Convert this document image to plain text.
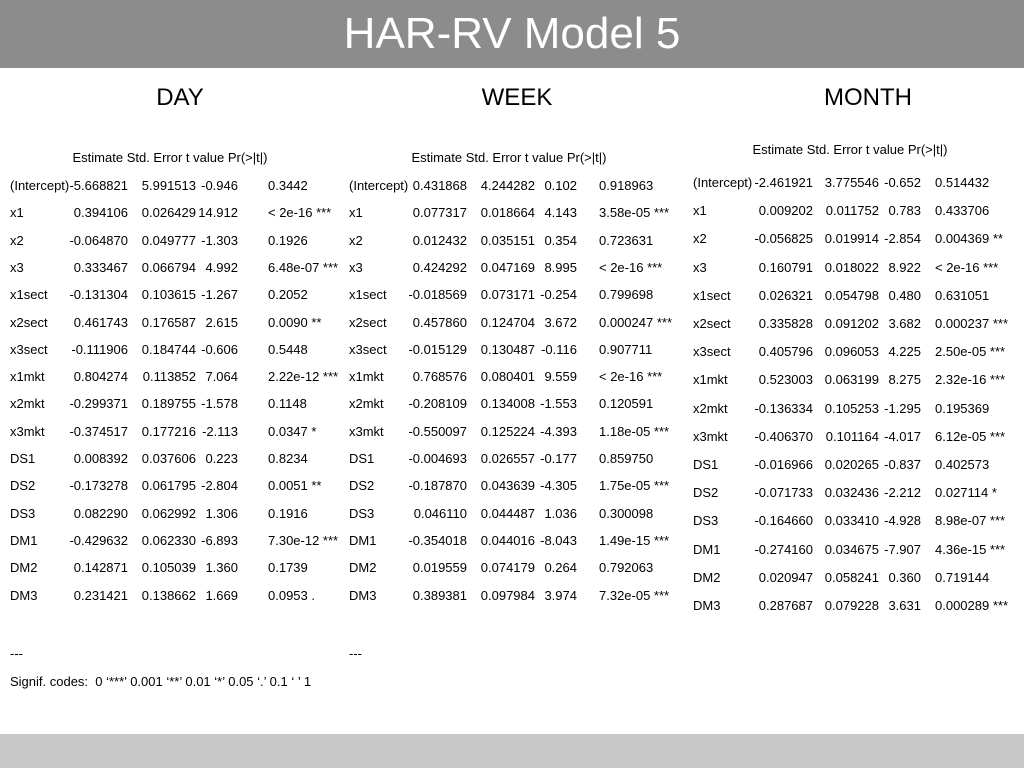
HAR-RV Model 5
DAY	WEEK	MONTH
Estimate Std. Error t value Pr(>|t|)
(Intercept) -5.668821	5.991513 -0.946 0.3442
x1	0.394106	0.026429 14.912 < 2e-16 ***
x2	-0.064870	0.049777 -1.303 0.1926
x3	0.333467	0.066794 4.992 6.48e-07 ***
x1sect	-0.131304	0.103615 -1.267 0.2052
x2sect	0.461743	0.176587 2.615 0.0090 **
x3sect	-0.111906	0.184744 -0.606 0.5448
x1mkt	0.804274	0.113852 7.064 2.22e-12 ***
x2mkt	-0.299371	0.189755 -1.578 0.1148
x3mkt	-0.374517	0.177216 -2.113 0.0347 *
DS1	0.008392	0.037606 0.223 0.8234
DS2	-0.173278	0.061795 -2.804 0.0051 **
DS3	0.082290	0.062992 1.306 0.1916
DM1	-0.429632	0.062330 -6.893 7.30e-12 ***
DM2	0.142871	0.105039 1.360 0.1739
DM3	0.231421	0.138662 1.669 0.0953 .
---
Signif. codes:  0 ‘***’ 0.001 ‘**’ 0.01 ‘*’ 0.05 ‘.’ 0.1 ‘ ’ 1
Estimate Std. Error t value Pr(>|t|)
(Intercept) 0.431868	4.244282 0.102 0.918963
x1	0.077317	0.018664 4.143 3.58e-05 ***
x2	0.012432	0.035151 0.354 0.723631
x3	0.424292	0.047169 8.995 < 2e-16 ***
x1sect	-0.018569	0.073171 -0.254 0.799698
x2sect	0.457860	0.124704 3.672 0.000247 ***
x3sect	-0.015129	0.130487 -0.116 0.907711
x1mkt	0.768576	0.080401 9.559 < 2e-16 ***
x2mkt	-0.208109	0.134008 -1.553 0.120591
x3mkt	-0.550097	0.125224 -4.393 1.18e-05 ***
DS1	-0.004693	0.026557 -0.177 0.859750
DS2	-0.187870	0.043639 -4.305 1.75e-05 ***
DS3	0.046110	0.044487 1.036 0.300098
DM1	-0.354018	0.044016 -8.043 1.49e-15 ***
DM2	0.019559	0.074179 0.264 0.792063
DM3	0.389381	0.097984 3.974 7.32e-05 ***
---
Estimate Std. Error t value Pr(>|t|)
(Intercept) -2.461921 3.775546 -0.652 0.514432
x1	0.009202 0.011752 0.783 0.433706
x2	-0.056825 0.019914 -2.854 0.004369 **
x3	0.160791 0.018022 8.922 < 2e-16 ***
x1sect	0.026321 0.054798 0.480 0.631051
x2sect	0.335828 0.091202 3.682 0.000237 ***
x3sect	0.405796 0.096053 4.225 2.50e-05 ***
x1mkt	0.523003 0.063199 8.275 2.32e-16 ***
x2mkt	-0.136334 0.105253 -1.295 0.195369
x3mkt	-0.406370 0.101164 -4.017 6.12e-05 ***
DS1	-0.016966 0.020265 -0.837 0.402573
DS2	-0.071733 0.032436 -2.212 0.027114 *
DS3	-0.164660 0.033410 -4.928 8.98e-07 ***
DM1	-0.274160 0.034675 -7.907 4.36e-15 ***
DM2	0.020947 0.058241 0.360 0.719144
DM3	0.287687 0.079228 3.631 0.000289 ***
